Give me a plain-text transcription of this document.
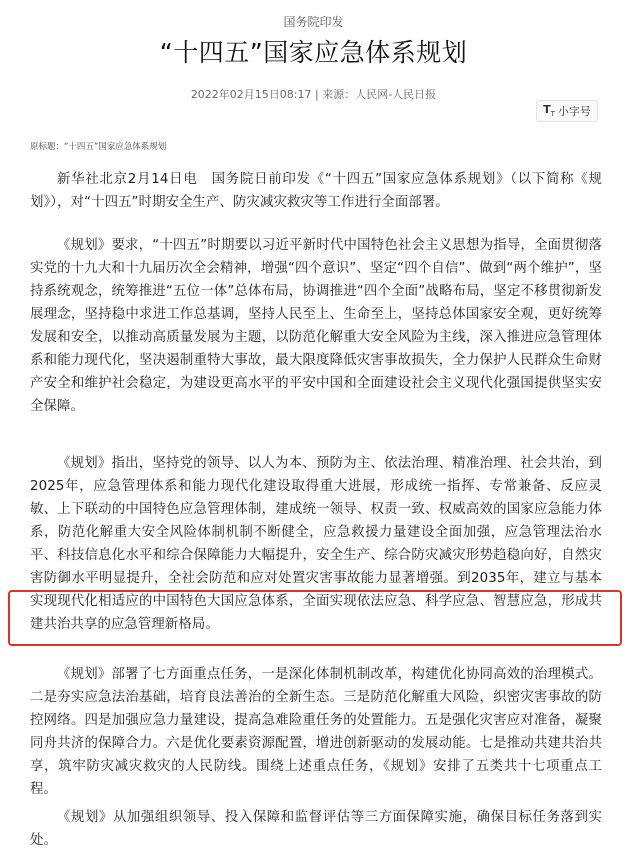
国务院印发
“十四五”国家应急体系规划
2022年02月15日08:17 | 来源：人民网-人民日报
$T_T$ 小字号
原标题：“十四五”国家应急体系规划

新华社北京2月14日电　国务院日前印发《“十四五”国家应急体系规划》（以下简称《规划》），对“十四五”时期安全生产、防灾减灾救灾等工作进行全面部署。

《规划》要求，“十四五”时期要以习近平新时代中国特色社会主义思想为指导，全面贯彻落实党的十九大和十九届历次全会精神，增强“四个意识”、坚定“四个自信”、做到“两个维护”，坚持系统观念，统筹推进“五位一体”总体布局，协调推进“四个全面”战略布局，坚定不移贯彻新发展理念，坚持稳中求进工作总基调，坚持人民至上、生命至上，坚持总体国家安全观，更好统筹发展和安全，以推动高质量发展为主题，以防范化解重大安全风险为主线，深入推进应急管理体系和能力现代化，坚决遏制重特大事故，最大限度降低灾害事故损失，全力保护人民群众生命财产安全和维护社会稳定，为建设更高水平的平安中国和全面建设社会主义现代化强国提供坚实安全保障。

《规划》指出，坚持党的领导、以人为本、预防为主、依法治理、精准治理、社会共治，到2025年，应急管理体系和能力现代化建设取得重大进展，形成统一指挥、专常兼备、反应灵敏、上下联动的中国特色应急管理体制，建成统一领导、权责一致、权威高效的国家应急能力体系，防范化解重大安全风险体制机制不断健全，应急救援力量建设全面加强，应急管理法治水平、科技信息化水平和综合保障能力大幅提升，安全生产、综合防灾减灾形势趋稳向好，自然灾害防御水平明显提升，全社会防范和应对处置灾害事故能力显著增强。到2035年，建立与基本实现现代化相适应的中国特色大国应急体系，全面实现依法应急、科学应急、智慧应急，形成共建共治共享的应急管理新格局。

《规划》部署了七方面重点任务，一是深化体制机制改革，构建优化协同高效的治理模式。二是夯实应急法治基础，培育良法善治的全新生态。三是防范化解重大风险，织密灾害事故的防控网络。四是加强应急力量建设，提高急难险重任务的处置能力。五是强化灾害应对准备，凝聚同舟共济的保障合力。六是优化要素资源配置，增进创新驱动的发展动能。七是推动共建共治共享，筑牢防灾减灾救灾的人民防线。围绕上述重点任务，《规划》安排了五类共十七项重点工程。

《规划》从加强组织领导、投入保障和监督评估等三方面保障实施，确保目标任务落到实处。
